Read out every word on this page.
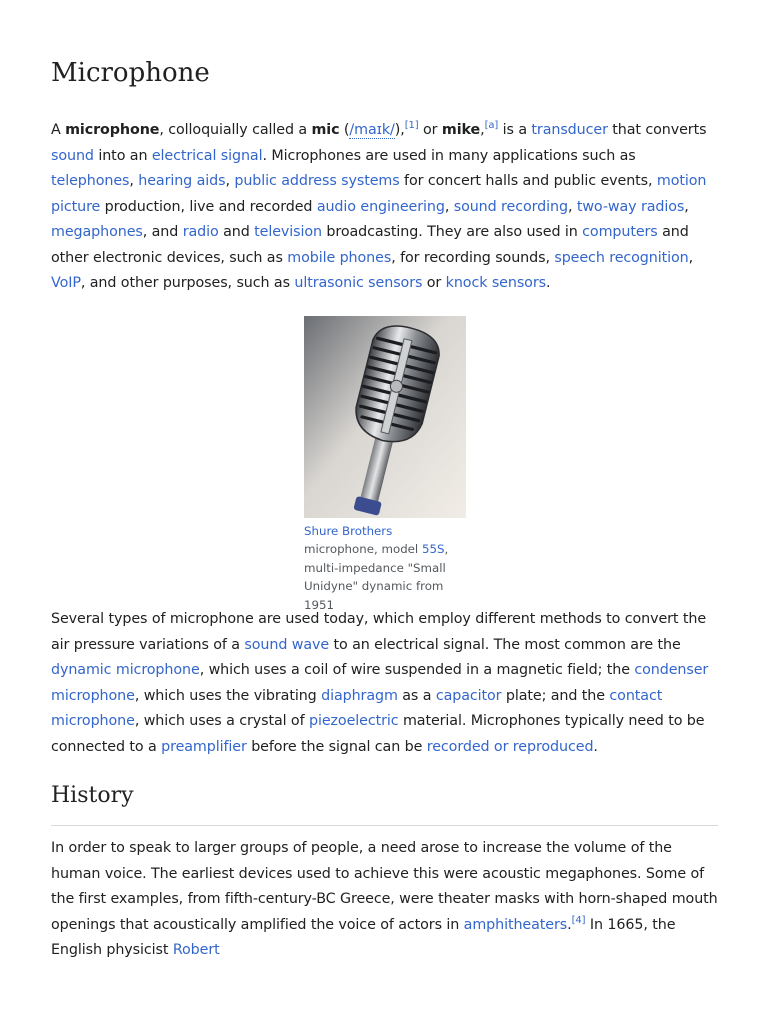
Microphone

A microphone, colloquially called a mic (/maɪk/),[1] or mike,[a] is a transducer that converts sound into an electrical signal. Microphones are used in many applications such as telephones, hearing aids, public address systems for concert halls and public events, motion picture production, live and recorded audio engineering, sound recording, two-way radios, megaphones, and radio and television broadcasting. They are also used in computers and other electronic devices, such as mobile phones, for recording sounds, speech recognition, VoIP, and other purposes, such as ultrasonic sensors or knock sensors.

Shure Brothers microphone, model 55S, multi-impedance "Small Unidyne" dynamic from 1951

Several types of microphone are used today, which employ different methods to convert the air pressure variations of a sound wave to an electrical signal. The most common are the dynamic microphone, which uses a coil of wire suspended in a magnetic field; the condenser microphone, which uses the vibrating diaphragm as a capacitor plate; and the contact microphone, which uses a crystal of piezoelectric material. Microphones typically need to be connected to a preamplifier before the signal can be recorded or reproduced.

History

In order to speak to larger groups of people, a need arose to increase the volume of the human voice. The earliest devices used to achieve this were acoustic megaphones. Some of the first examples, from fifth-century-BC Greece, were theater masks with horn-shaped mouth openings that acoustically amplified the voice of actors in amphitheaters.[4] In 1665, the English physicist Robert
